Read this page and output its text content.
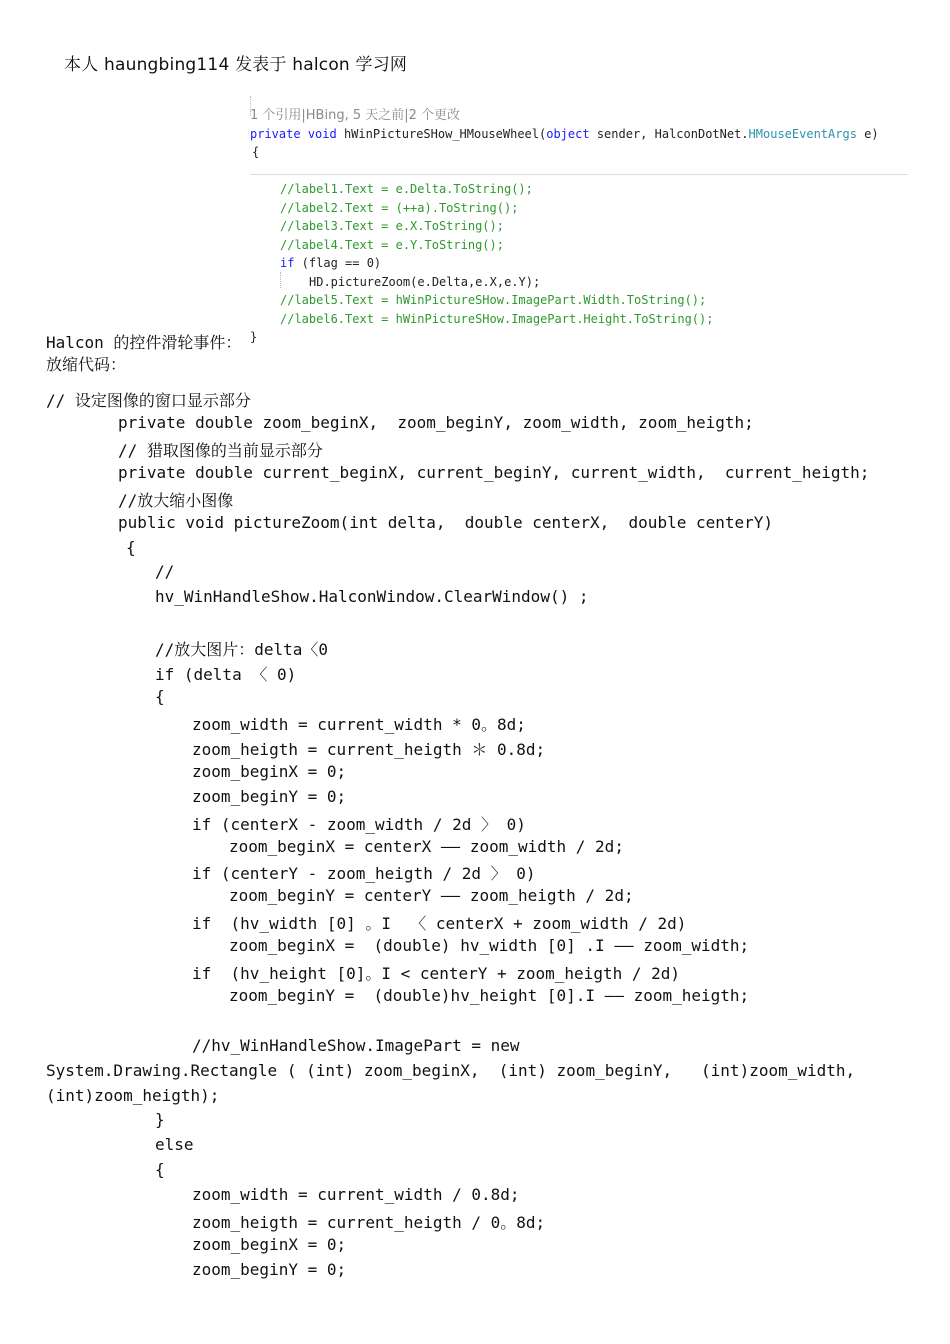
本人 haungbing114 发表于 halcon 学习网
1 个引用|HBing, 5 天之前|2 个更改
private void hWinPictureSHow_HMouseWheel(object sender, HalconDotNet.HMouseEventArgs e)
{
//label1.Text = e.Delta.ToString();
//label2.Text = (++a).ToString();
//label3.Text = e.X.ToString();
//label4.Text = e.Y.ToString();
if (flag == 0)
HD.pictureZoom(e.Delta,e.X,e.Y);
//label5.Text = hWinPictureSHow.ImagePart.Width.ToString();
//label6.Text = hWinPictureSHow.ImagePart.Height.ToString();
}
Halcon 的控件滑轮事件：
放缩代码：
// 设定图像的窗口显示部分
private double zoom_beginX,  zoom_beginY, zoom_width, zoom_heigth;
// 猎取图像的当前显示部分
private double current_beginX, current_beginY, current_width,  current_heigth;
//放大缩小图像
public void pictureZoom(int delta,  double centerX,  double centerY)
{
//
hv_WinHandleShow.HalconWindow.ClearWindow() ;
//放大图片：delta〈0
if (delta 〈 0)
{
zoom_width = current_width * 0。8d;
zoom_heigth = current_heigth ＊ 0.8d;
zoom_beginX = 0;
zoom_beginY = 0;
if (centerX - zoom_width / 2d 〉 0)
zoom_beginX = centerX —— zoom_width / 2d;
if (centerY - zoom_heigth / 2d 〉 0)
zoom_beginY = centerY —— zoom_heigth / 2d;
if  (hv_width [0] 。I  〈 centerX + zoom_width / 2d)
zoom_beginX =  (double) hv_width [0] .I —— zoom_width;
if  (hv_height [0]。I < centerY + zoom_heigth / 2d)
zoom_beginY =  (double)hv_height [0].I —— zoom_heigth;
//hv_WinHandleShow.ImagePart = new
System.Drawing.Rectangle ( (int) zoom_beginX,  (int) zoom_beginY,   (int)zoom_width,
(int)zoom_heigth);
}
else
{
zoom_width = current_width / 0.8d;
zoom_heigth = current_heigth / 0。8d;
zoom_beginX = 0;
zoom_beginY = 0;
